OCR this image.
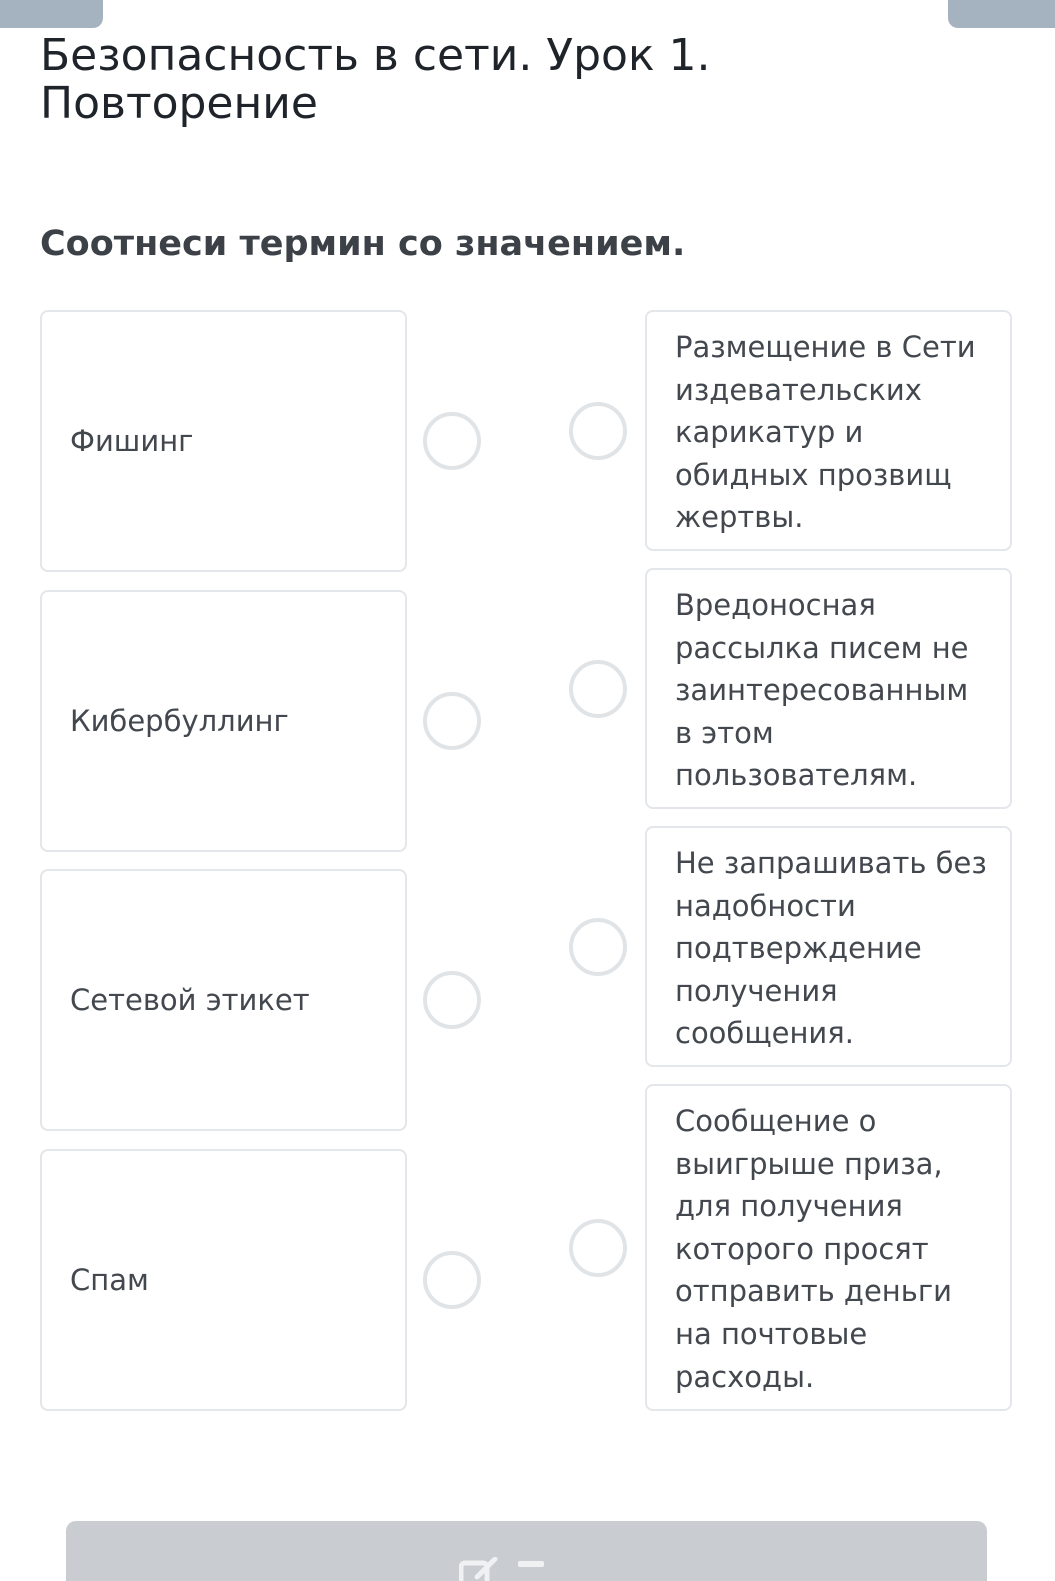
Безопасность в сети. Урок 1. Повторение
Соотнеси термин со значением.
Фишинг
Кибербуллинг
Сетевой этикет
Спам
Размещение в Сети издевательских карикатур и обидных прозвищ жертвы.
Вредоносная рассылка писем не заинтересованным в этом пользователям.
Не запрашивать без надобности подтверждение получения сообщения.
Сообщение о выигрыше приза, для получения которого просят отправить деньги на почтовые расходы.
